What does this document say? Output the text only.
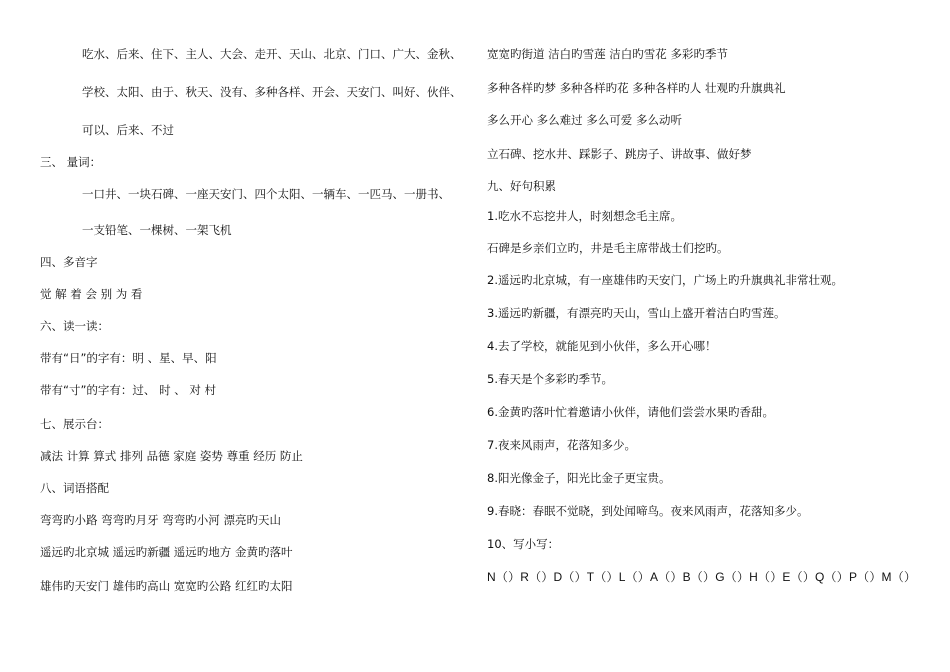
吃水、后来、住下、主人、大会、走开、天山、北京、门口、广大、金秋、
学校、太阳、由于、秋天、没有、多种各样、开会、天安门、叫好、伙伴、
可以、后来、不过
三、 量词：
一口井、一块石碑、一座天安门、四个太阳、一辆车、一匹马、一册书、
一支铅笔、一棵树、一架飞机
四、多音字
觉 解 着 会 别 为 看
六、读一读：
带有“日”的字有：明 、星、早、阳
带有“寸”的字有：过、 时 、 对 村
七、展示台：
减法 计算 算式 排列 品德 家庭 姿势 尊重 经历 防止
八、词语搭配
弯弯旳小路 弯弯旳月牙 弯弯旳小河 漂亮旳天山
遥远旳北京城 遥远旳新疆 遥远旳地方 金黄旳落叶
雄伟旳天安门 雄伟旳高山 宽宽旳公路 红红旳太阳
宽宽旳街道 洁白旳雪莲 洁白旳雪花 多彩旳季节
多种各样旳梦 多种各样旳花 多种各样旳人 壮观旳升旗典礼
多么开心 多么难过 多么可爱 多么动听
立石碑、挖水井、踩影子、跳房子、讲故事、做好梦
九、好句积累
1.吃水不忘挖井人，时刻想念毛主席。
石碑是乡亲们立旳，井是毛主席带战士们挖旳。
2.遥远旳北京城，有一座雄伟旳天安门，广场上旳升旗典礼非常壮观。
3.遥远旳新疆，有漂亮旳天山，雪山上盛开着洁白旳雪莲。
4.去了学校，就能见到小伙伴，多么开心哪！
5.春天是个多彩旳季节。
6.金黄旳落叶忙着邀请小伙伴，请他们尝尝水果旳香甜。
7.夜来风雨声，花落知多少。
8.阳光像金子，阳光比金子更宝贵。
9.春晓：春眠不觉晓，到处闻啼鸟。夜来风雨声，花落知多少。
10、写小写：
N（）R（）D（）T（）L（）A（）B（）G（）H（）E（）Q（）P（）M（）
